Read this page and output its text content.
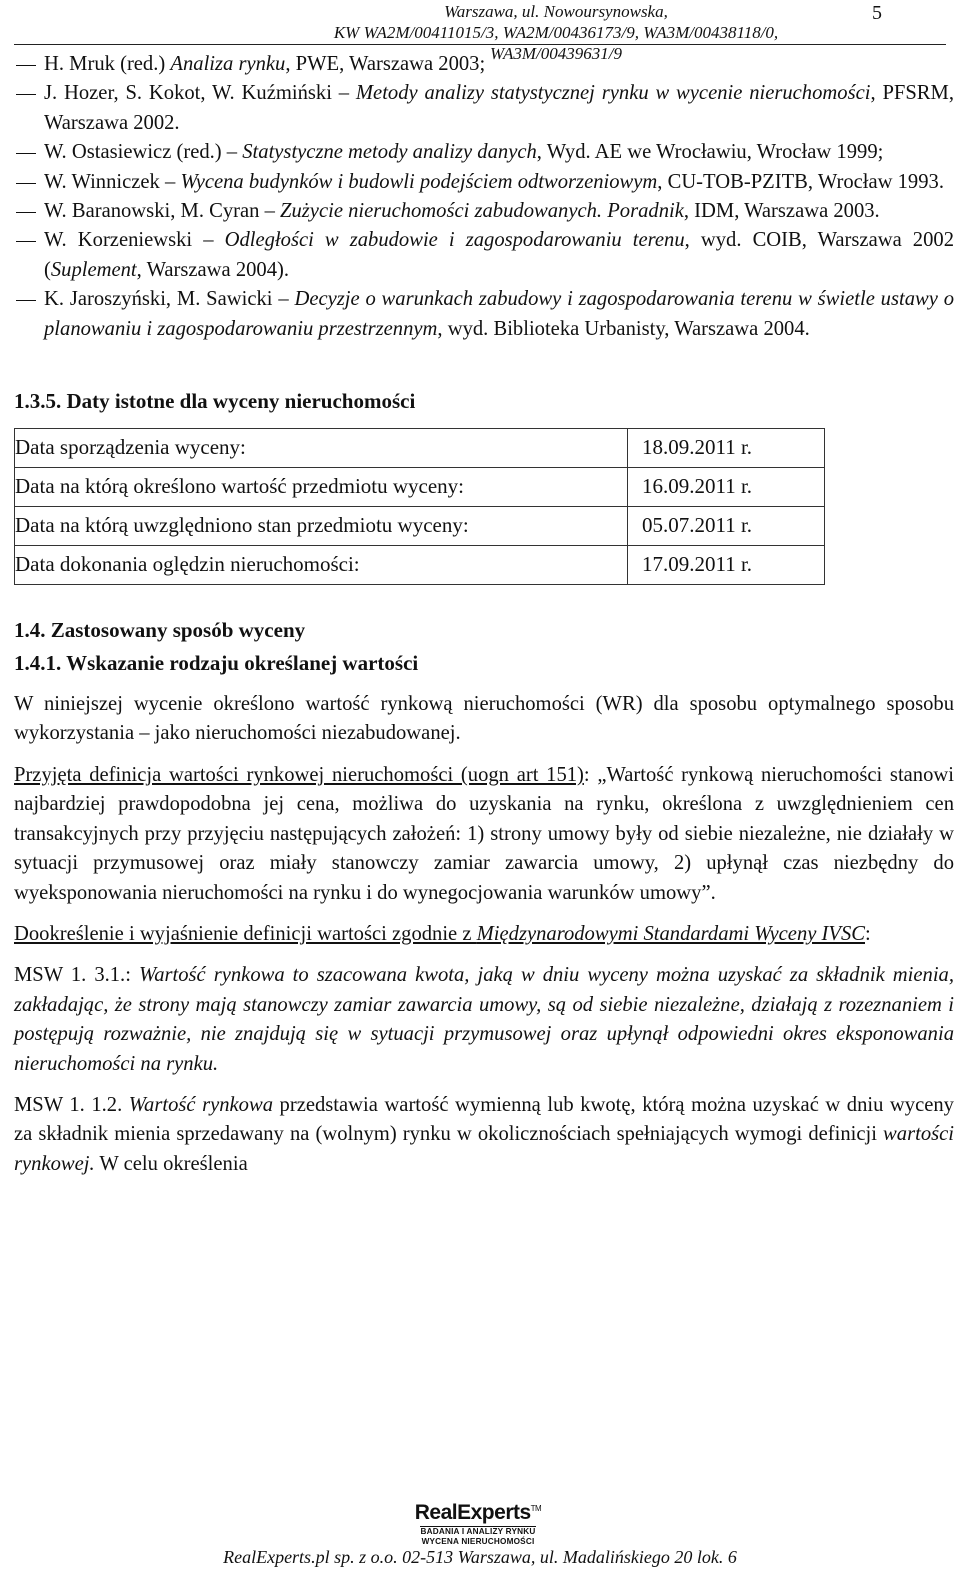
Warszawa, ul. Nowoursynowska,
KW WA2M/00411015/3, WA2M/00436173/9, WA3M/00438118/0, WA3M/00439631/9
5
H. Mruk (red.) Analiza rynku, PWE, Warszawa 2003;
J. Hozer, S. Kokot, W. Kuźmiński – Metody analizy statystycznej rynku w wycenie nieruchomości, PFSRM, Warszawa 2002.
W. Ostasiewicz (red.) – Statystyczne metody analizy danych, Wyd. AE we Wrocławiu, Wrocław 1999;
W. Winniczek – Wycena budynków i budowli podejściem odtworzeniowym, CU-TOB-PZITB, Wrocław 1993.
W. Baranowski, M. Cyran – Zużycie nieruchomości zabudowanych. Poradnik, IDM, Warszawa 2003.
W. Korzeniewski – Odległości w zabudowie i zagospodarowaniu terenu, wyd. COIB, Warszawa 2002 (Suplement, Warszawa 2004).
K. Jaroszyński, M. Sawicki – Decyzje o warunkach zabudowy i zagospodarowania terenu w świetle ustawy o planowaniu i zagospodarowaniu przestrzennym, wyd. Biblioteka Urbanisty, Warszawa 2004.
1.3.5. Daty istotne dla wyceny nieruchomości
Data sporządzenia wyceny:	18.09.2011 r.
Data na którą określono wartość przedmiotu wyceny:	16.09.2011 r.
Data na którą uwzględniono stan przedmiotu wyceny:	05.07.2011 r.
Data dokonania oględzin nieruchomości:	17.09.2011 r.
1.4. Zastosowany sposób wyceny
1.4.1. Wskazanie rodzaju określanej wartości

W niniejszej wycenie określono wartość rynkową nieruchomości (WR) dla sposobu optymalnego sposobu wykorzystania – jako nieruchomości niezabudowanej.

Przyjęta definicja wartości rynkowej nieruchomości (uogn art 151): „Wartość rynkową nieruchomości stanowi najbardziej prawdopodobna jej cena, możliwa do uzyskania na rynku, określona z uwzględnieniem cen transakcyjnych przy przyjęciu następujących założeń: 1) strony umowy były od siebie niezależne, nie działały w sytuacji przymusowej oraz miały stanowczy zamiar zawarcia umowy, 2) upłynął czas niezbędny do wyeksponowania nieruchomości na rynku i do wynegocjowania warunków umowy”.

Dookreślenie i wyjaśnienie definicji wartości zgodnie z Międzynarodowymi Standardami Wyceny IVSC:

MSW 1. 3.1.: Wartość rynkowa to szacowana kwota, jaką w dniu wyceny można uzyskać za składnik mienia, zakładając, że strony mają stanowczy zamiar zawarcia umowy, są od siebie niezależne, działają z rozeznaniem i postępują rozważnie, nie znajdują się w sytuacji przymusowej oraz upłynął odpowiedni okres eksponowania nieruchomości na rynku.

MSW 1. 1.2. Wartość rynkowa przedstawia wartość wymienną lub kwotę, którą można uzyskać w dniu wyceny za składnik mienia sprzedawany na (wolnym) rynku w okolicznościach spełniających wymogi definicji wartości rynkowej. W celu określenia

RealExperts™
BADANIA I ANALIZY RYNKU
WYCENA NIERUCHOMOŚCI
RealExperts.pl sp. z o.o. 02-513 Warszawa, ul. Madalińskiego 20 lok. 6
